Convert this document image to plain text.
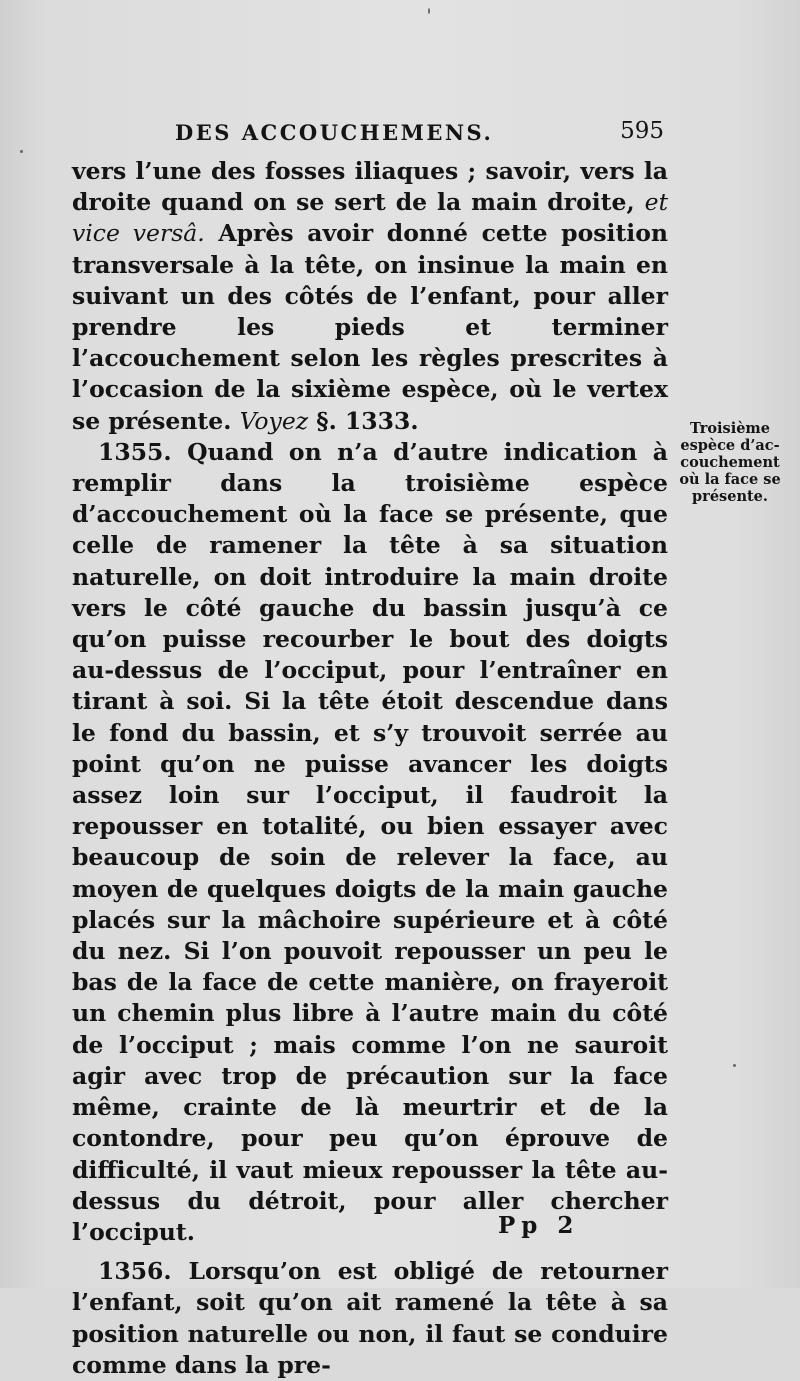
DES ACCOUCHEMENS.	595

vers l’une des fosses iliaques ; savoir, vers la droite quand on se sert de la main droite, et vice versâ. Après avoir donné cette position transversale à la tête, on insinue la main en suivant un des côtés de l’enfant, pour aller prendre les pieds et terminer l’accouchement selon les règles prescrites à l’occasion de la sixième espèce, où le vertex se présente. Voyez §. 1333.

1355. Quand on n’a d’autre indication à remplir dans la troisième espèce d’accouchement où la face se présente, que celle de ramener la tête à sa situation naturelle, on doit introduire la main droite vers le côté gauche du bassin jusqu’à ce qu’on puisse recourber le bout des doigts au-dessus de l’occiput, pour l’entraîner en tirant à soi. Si la tête étoit descendue dans le fond du bassin, et s’y trouvoit serrée au point qu’on ne puisse avancer les doigts assez loin sur l’occiput, il faudroit la repousser en totalité, ou bien essayer avec beaucoup de soin de relever la face, au moyen de quelques doigts de la main gauche placés sur la mâchoire supérieure et à côté du nez. Si l’on pouvoit repousser un peu le bas de la face de cette manière, on frayeroit un chemin plus libre à l’autre main du côté de l’occiput ; mais comme l’on ne sauroit agir avec trop de précaution sur la face même, crainte de là meurtrir et de la contondre, pour peu qu’on éprouve de difficulté, il vaut mieux repousser la tête au-dessus du détroit, pour aller chercher l’occiput.

1356. Lorsqu’on est obligé de retourner l’enfant, soit qu’on ait ramené la tête à sa position naturelle ou non, il faut se conduire comme dans la pre-

Troisième
espèce d’ac-
couchement
où la face se
présente.
Pp 2
